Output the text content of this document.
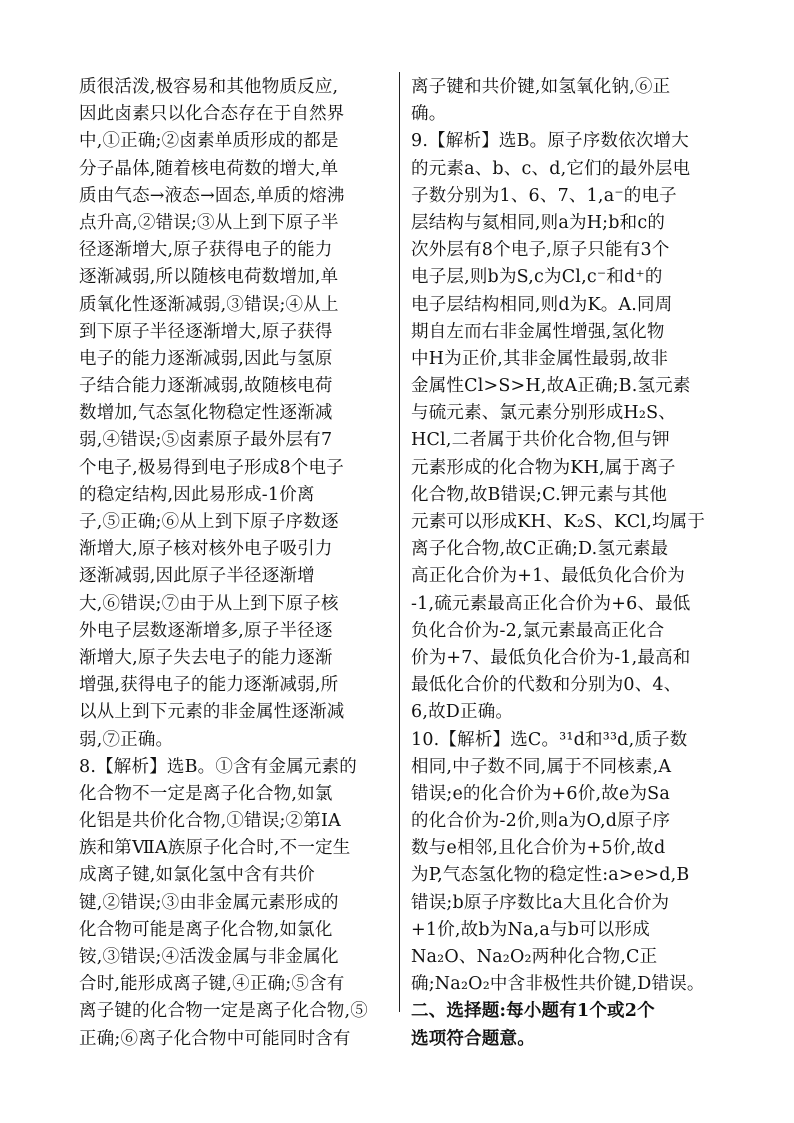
质很活泼,极容易和其他物质反应,
因此卤素只以化合态存在于自然界
中,①正确;②卤素单质形成的都是
分子晶体,随着核电荷数的增大,单
质由气态→液态→固态,单质的熔沸
点升高,②错误;③从上到下原子半
径逐渐增大,原子获得电子的能力
逐渐减弱,所以随核电荷数增加,单
质氧化性逐渐减弱,③错误;④从上
到下原子半径逐渐增大,原子获得
电子的能力逐渐减弱,因此与氢原
子结合能力逐渐减弱,故随核电荷
数增加,气态氢化物稳定性逐渐减
弱,④错误;⑤卤素原子最外层有7
个电子,极易得到电子形成8个电子
的稳定结构,因此易形成-1价离
子,⑤正确;⑥从上到下原子序数逐
渐增大,原子核对核外电子吸引力
逐渐减弱,因此原子半径逐渐增
大,⑥错误;⑦由于从上到下原子核
外电子层数逐渐增多,原子半径逐
渐增大,原子失去电子的能力逐渐
增强,获得电子的能力逐渐减弱,所
以从上到下元素的非金属性逐渐减
弱,⑦正确。
8.【解析】选B。①含有金属元素的
化合物不一定是离子化合物,如氯
化铝是共价化合物,①错误;②第ⅠA
族和第ⅦA族原子化合时,不一定生
成离子键,如氯化氢中含有共价
键,②错误;③由非金属元素形成的
化合物可能是离子化合物,如氯化
铵,③错误;④活泼金属与非金属化
合时,能形成离子键,④正确;⑤含有
离子键的化合物一定是离子化合物,⑤
正确;⑥离子化合物中可能同时含有
离子键和共价键,如氢氧化钠,⑥正
确。
9.【解析】选B。原子序数依次增大
的元素a、b、c、d,它们的最外层电
子数分别为1、6、7、1,a⁻的电子
层结构与氦相同,则a为H;b和c的
次外层有8个电子,原子只能有3个
电子层,则b为S,c为Cl,c⁻和d⁺的
电子层结构相同,则d为K。A.同周
期自左而右非金属性增强,氢化物
中H为正价,其非金属性最弱,故非
金属性Cl>S>H,故A正确;B.氢元素
与硫元素、氯元素分别形成H₂S、
HCl,二者属于共价化合物,但与钾
元素形成的化合物为KH,属于离子
化合物,故B错误;C.钾元素与其他
元素可以形成KH、K₂S、KCl,均属于
离子化合物,故C正确;D.氢元素最
高正化合价为+1、最低负化合价为
-1,硫元素最高正化合价为+6、最低
负化合价为-2,氯元素最高正化合
价为+7、最低负化合价为-1,最高和
最低化合价的代数和分别为0、4、
6,故D正确。
10.【解析】选C。³¹d和³³d,质子数
相同,中子数不同,属于不同核素,A
错误;e的化合价为+6价,故e为Sa
的化合价为-2价,则a为O,d原子序
数与e相邻,且化合价为+5价,故d
为P,气态氢化物的稳定性:a>e>d,B
错误;b原子序数比a大且化合价为
+1价,故b为Na,a与b可以形成
Na₂O、Na₂O₂两种化合物,C正
确;Na₂O₂中含非极性共价键,D错误。
二、选择题:每小题有1个或2个
选项符合题意。
